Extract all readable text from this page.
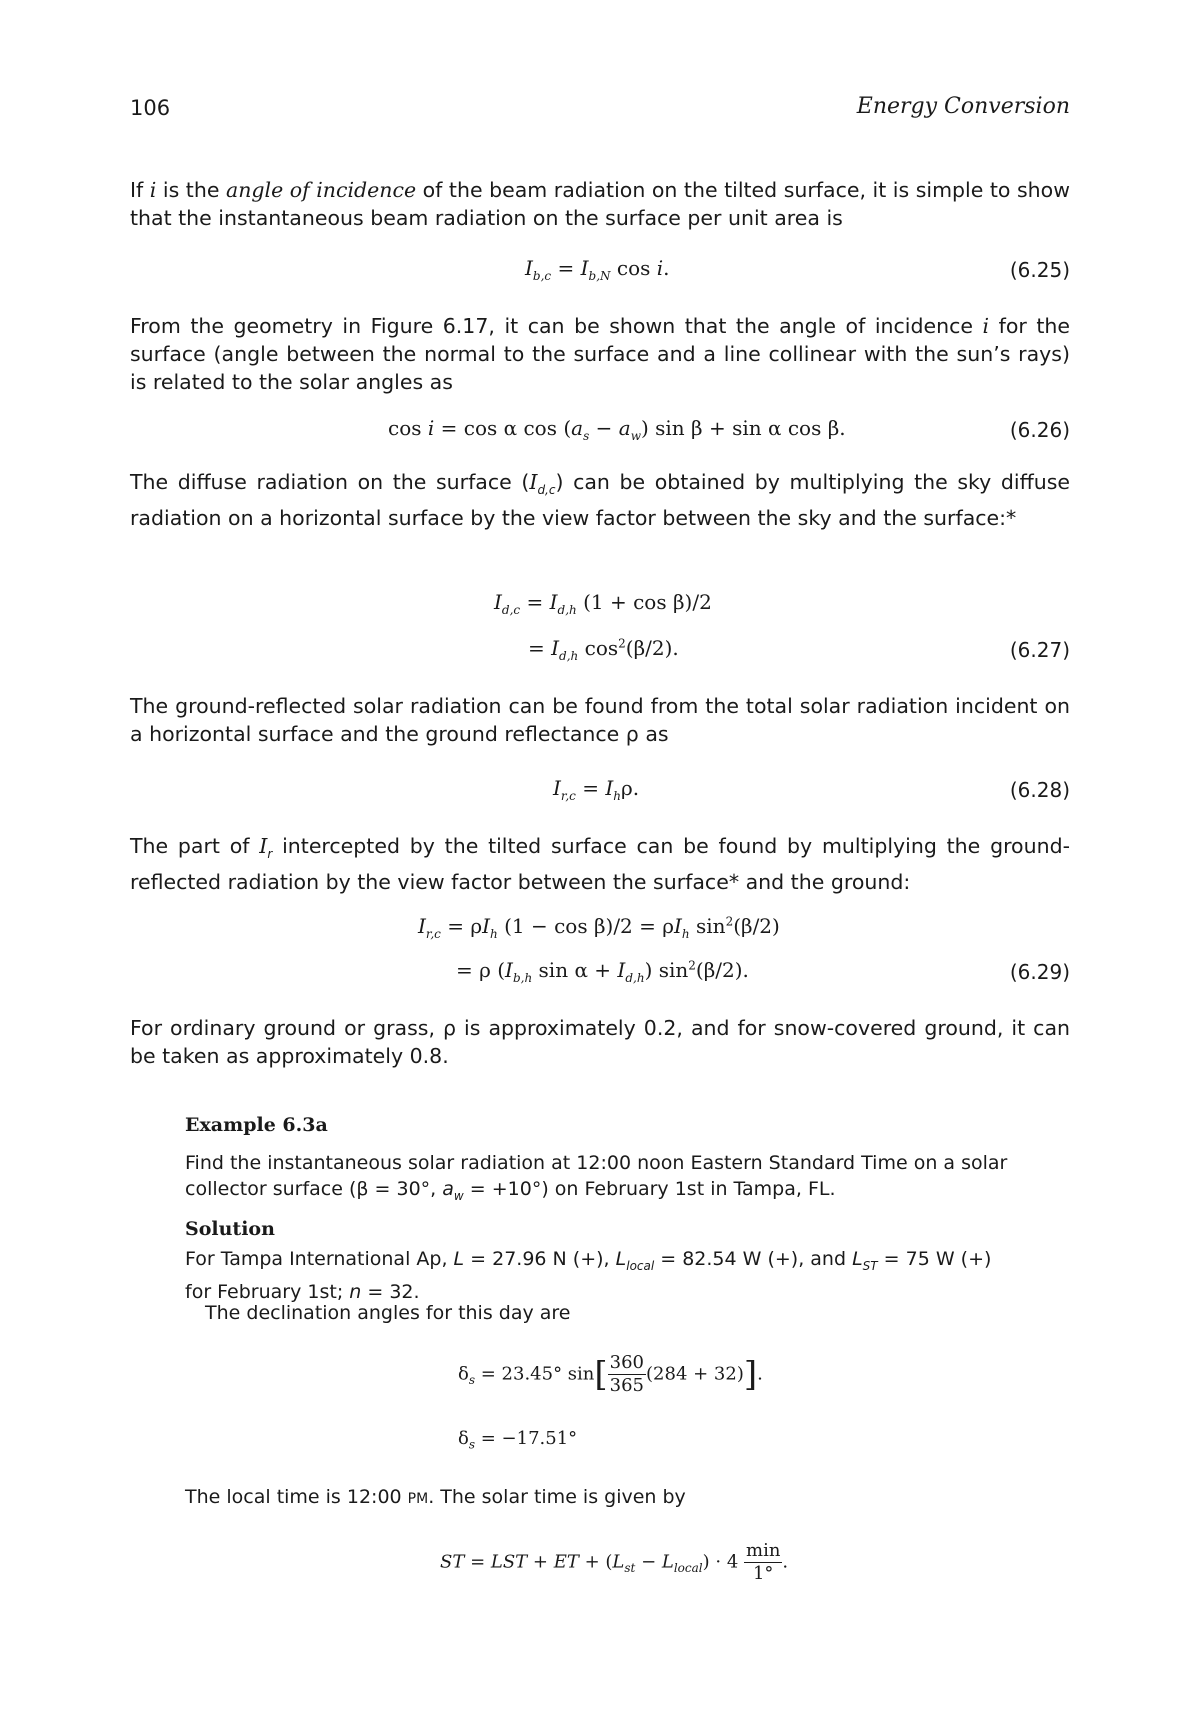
106	Energy Conversion

If i is the angle of incidence of the beam radiation on the tilted surface, it is simple to show that the instantaneous beam radiation on the surface per unit area is

$I_{b,c} = I_{b,N}$ cos i.	(6.25)

From the geometry in Figure 6.17, it can be shown that the angle of incidence i for the surface (angle between the normal to the surface and a line collinear with the sun’s rays) is related to the solar angles as

cos i = cos α $\cos (a_s - a_w)$ sin β + sin α cos β.	(6.26)

The diffuse radiation on the surface $(I_{d,c})$ can be obtained by multiplying the sky diffuse radiation on a horizontal surface by the view factor between the sky and the surface:*

$I_{d,c} = I_{d,h}$ (1 + cos β)/2
= $I_{d,h}$ $\cos^2(\beta/2)$.	(6.27)

The ground-reflected solar radiation can be found from the total solar radiation incident on a horizontal surface and the ground reflectance ρ as

$I_{r,c} = I_h\rho$.	(6.28)

The part of $I_r$ intercepted by the tilted surface can be found by multiplying the ground-reflected radiation by the view factor between the surface* and the ground:

$I_{r,c} = \rho I_h$ $(1 - \cos \beta)/2 = \rho I_h$ $\sin^2(\beta/2)$
= ρ ($I_{b,h}$ $\sin \alpha + I_{d,h}$) $\sin^2(\beta/2)$.	(6.29)

For ordinary ground or grass, ρ is approximately 0.2, and for snow-covered ground, it can be taken as approximately 0.8.

Example 6.3a

Find the instantaneous solar radiation at 12:00 noon Eastern Standard Time on a solar collector surface (β = 30°, $a_w = +10^\circ$) on February 1st in Tampa, FL.

Solution

For Tampa International Ap, L = 27.96 N (+), $L_{local} = 82.54$ W (+), and $L_{ST} = 75$ W (+) for February 1st; n = 32.

The declination angles for this day are

$\delta_s = 23.45^\circ$ $\sin[ \frac{360}{365} (284 + 32)]$.
$\delta_s = -17.51^\circ$

The local time is 12:00 PM. The solar time is given by

ST = LST + ET + $(L_{st} - L_{local}) \cdot 4 \frac{\min}{1^\circ}$ .
